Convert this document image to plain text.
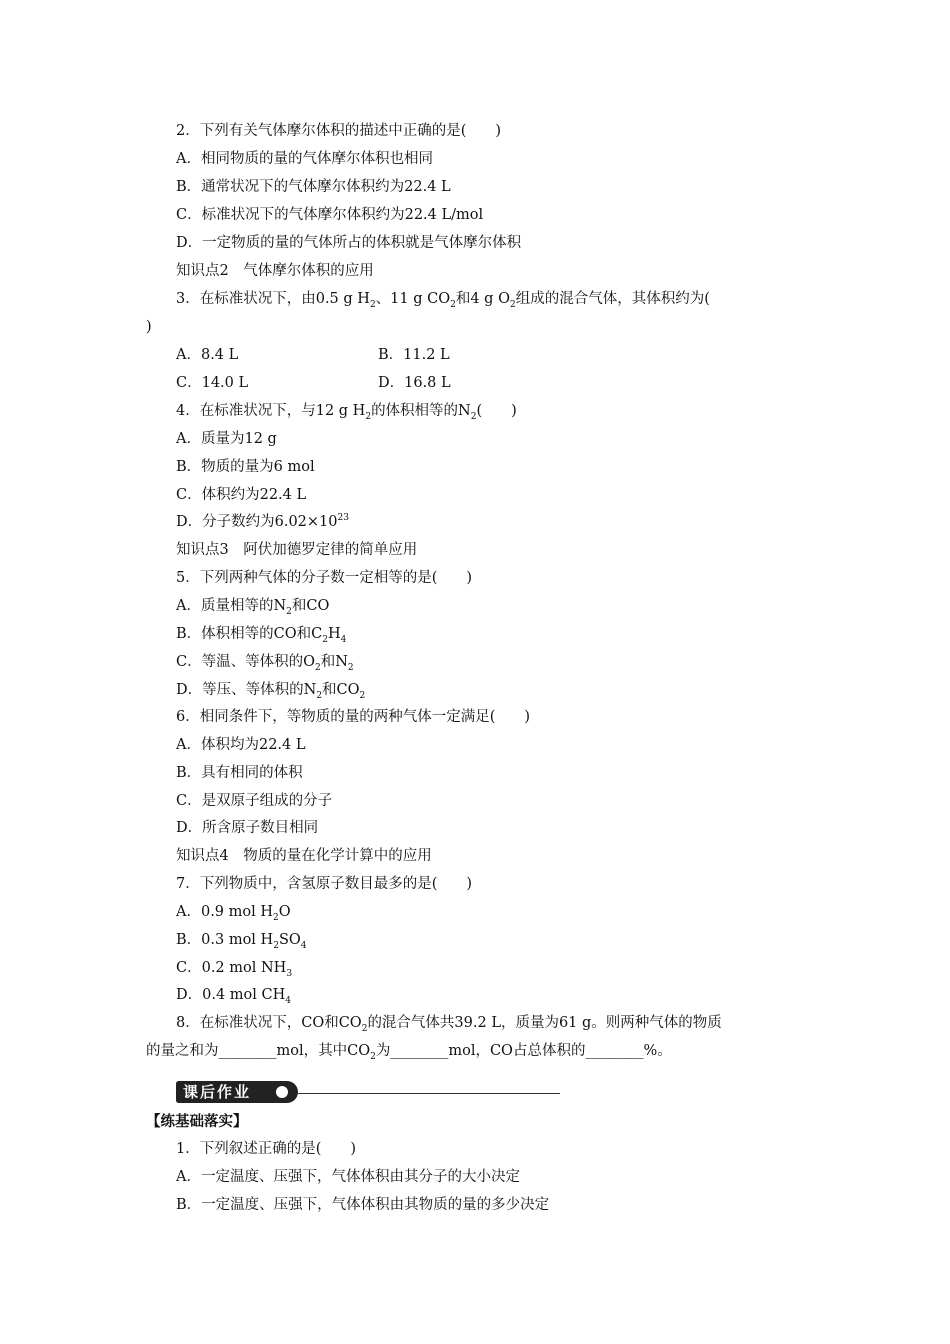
2．下列有关气体摩尔体积的描述中正确的是(　　)
A．相同物质的量的气体摩尔体积也相同
B．通常状况下的气体摩尔体积约为22.4 L
C．标准状况下的气体摩尔体积约为22.4 L/mol
D．一定物质的量的气体所占的体积就是气体摩尔体积
知识点2　气体摩尔体积的应用
3．在标准状况下，由0.5 g $H_2$、11 g $CO_2$和4 g $O_2$组成的混合气体，其体积约为(
)
A．8.4 L	B．11.2 L
C．14.0 L	D．16.8 L
4．在标准状况下，与12 g $H_2$的体积相等的$N_2$(　　)
A．质量为12 g
B．物质的量为6 mol
C．体积约为22.4 L
D．分子数约为$6.02\times 10^{23}$
知识点3　阿伏加德罗定律的简单应用
5．下列两种气体的分子数一定相等的是(　　)
A．质量相等的$N_2$和CO
B．体积相等的CO和$C_2H_4$
C．等温、等体积的$O_2$和$N_2$
D．等压、等体积的$N_2$和$CO_2$
6．相同条件下，等物质的量的两种气体一定满足(　　)
A．体积均为22.4 L
B．具有相同的体积
C．是双原子组成的分子
D．所含原子数目相同
知识点4　物质的量在化学计算中的应用
7．下列物质中，含氢原子数目最多的是(　　)
A．0.9 mol $H_2O$
B．0.3 mol $H_2SO_4$
C．0.2 mol $NH_3$
D．0.4 mol $CH_4$
8．在标准状况下，CO和$CO_2$的混合气体共39.2 L，质量为61 g。则两种气体的物质
的量之和为________mol，其中$CO_2$为________mol，CO占总体积的________%。
课后作业
【练基础落实】
1．下列叙述正确的是(　　)
A．一定温度、压强下，气体体积由其分子的大小决定
B．一定温度、压强下，气体体积由其物质的量的多少决定
